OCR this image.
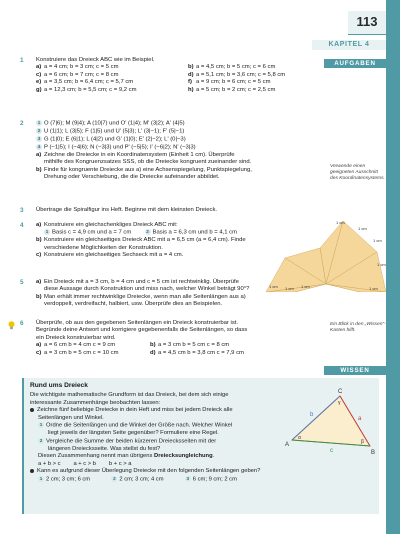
113
KAPITEL 4
AUFGABEN
1	Konstruiere das Dreieck ABC wie im Beispiel.
a) a = 4 cm; b = 3 cm; c = 5 cm	b) a = 4,5 cm; b = 5 cm; c = 6 cm
c) a = 6 cm; b = 7 cm; c = 8 cm	d) a = 5,1 cm; b = 3,6 cm; c = 5,8 cm
e) a = 3,5 cm; b = 6,4 cm; c = 5,7 cm	f) a = 9 cm; b = 6 cm; c = 5 cm
g) a = 12,3 cm; b = 5,5 cm; c = 9,2 cm	h) a = 5 cm; b = 2 cm; c = 2,5 cm
2	1 O (7|6); M (9|4); A (10|7) und O' (1|4); M' (3|2); A' (4|5)
2 U (1|1); L (3|5); F (1|5) und U' (5|3); L' (3|−1); F' (5|−1)
3 G (1|0); E (6|1); L (4|2) und G' (1|0); E' (2|−2); L' (0|−3)
4 P (−1|5); I (−4|6); N (−3|3) und P' (−5|5); I' (−6|2); N' (−3|3)
a) Zeichne die Dreiecke in ein Koordinatensystem (Einheit 1 cm). Überprüfe
mithilfe des Kongruenzsatzes SSS, ob die Dreiecke kongruent zueinander sind.
b) Finde für kongruente Dreiecke aus a) eine Achsenspiegelung, Punktspiegelung,
Drehung oder Verschiebung, die die Dreiecke aufeinander abbildet.
Verwende einen geeigneten Ausschnitt des Koordinatensystems.
3	Übertrage die Spiralfigur ins Heft. Beginne mit dem kleinsten Dreieck.
4	a) Konstruiere ein gleichschenkliges Dreieck ABC mit:
1 Basis c = 4,9 cm und a = 7 cm	2 Basis a = 6,3 cm und b = 4,1 cm
b) Konstruiere ein gleichseitiges Dreieck ABC mit a = 6,5 cm (a = 6,4 cm). Finde
verschiedene Möglichkeiten der Konstruktion.
c) Konstruiere ein gleichseitiges Sechseck mit a = 4 cm.
1 cm
1 cm
1 cm
1 cm
1 cm
1 cm 1 cm 1 cm
5	a) Ein Dreieck mit a = 3 cm, b = 4 cm und c = 5 cm ist rechtwinklig. Überprüfe
diese Aussage durch Konstruktion und miss nach, welcher Winkel beträgt 90°?
b) Man erhält immer rechtwinklige Dreiecke, wenn man alle Seitenlängen aus a)
verdoppelt, verdreifacht, halbiert, usw. Überprüfe dies an Beispielen.
6	Überprüfe, ob aus den gegebenen Seitenlängen ein Dreieck konstruierbar ist.
Begründe deine Antwort und korrigiere gegebenenfalls die Seitenlängen, so dass
ein Dreieck konstruierbar wird.
a) a = 6 cm b = 4 cm c = 9 cm	b) a = 3 cm b = 5 cm c = 8 cm
c) a = 3 cm b = 5 cm c = 10 cm	d) a = 4,5 cm b = 3,8 cm c = 7,9 cm
Ein Blick in den „Wissen"-Kasten hilft.
WISSEN
Rund ums Dreieck
Die wichtigste mathematische Grundform ist das Dreieck, bei dem sich einige
interessante Zusammenhänge beobachten lassen:
Zeichne fünf beliebige Dreiecke in dein Heft und miss bei jedem Dreieck alle
Seitenlängen und Winkel.
1 Ordne die Seitenlängen und die Winkel der Größe nach. Welcher Winkel
liegt jeweils der längsten Seite gegenüber? Formuliere eine Regel.
2 Vergleiche die Summe der beiden kürzeren Dreiecksseiten mit der
längeren Dreiecksseite. Was stellst du fest?
Diesen Zusammenhang nennt man übrigens Dreiecksungleichung.
a + b > c        a + c > b        b + c > a
Kann es aufgrund dieser Überlegung Dreiecke mit den folgenden Seitenlängen geben?
1 2 cm; 3 cm; 6 cm	2 2 cm; 3 cm; 4 cm	3 6 cm; 9 cm; 2 cm
A
B
C
a
b
c
α
β
γ
